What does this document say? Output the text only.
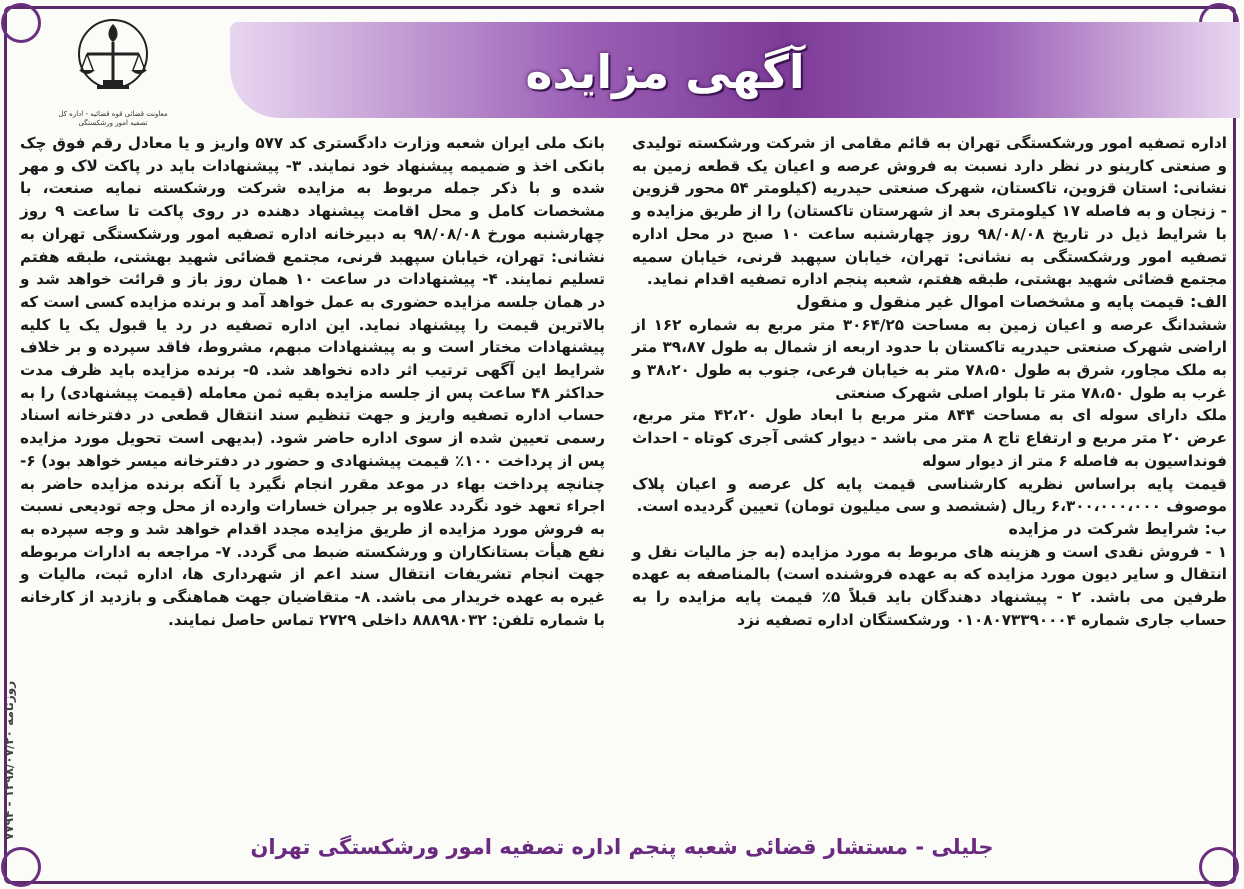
آگهی مزایده
معاونت قضائی قوه قضائیه - اداره کل تصفیه امور ورشکستگی

اداره تصفیه امور ورشکستگی تهران به قائم مقامی از شرکت ورشکسته تولیدی و صنعتی کارینو در نظر دارد نسبت به فروش عرصه و اعیان یک قطعه زمین به نشانی: استان قزوین، تاکستان، شهرک صنعتی حیدریه (کیلومتر ۵۴ محور قزوین - زنجان و به فاصله ۱۷ کیلومتری بعد از شهرستان تاکستان) را از طریق مزایده و با شرایط ذیل در تاریخ ۹۸/۰۸/۰۸ روز چهارشنبه ساعت ۱۰ صبح در محل اداره تصفیه امور ورشکستگی به نشانی: تهران، خیابان سپهبد قرنی، خیابان سمیه مجتمع قضائی شهید بهشتی، طبقه هفتم، شعبه پنجم اداره تصفیه اقدام نماید.

الف: قیمت پایه و مشخصات اموال غیر منقول و منقول

ششدانگ عرصه و اعیان زمین به مساحت ۳۰۶۴/۲۵ متر مربع به شماره ۱۶۲ از اراضی شهرک صنعتی حیدریه تاکستان با حدود اربعه از شمال به طول ۳۹،۸۷ متر به ملک مجاور، شرق به طول ۷۸،۵۰ متر به خیابان فرعی، جنوب به طول ۳۸،۲۰ و غرب به طول ۷۸،۵۰ متر تا بلوار اصلی شهرک صنعتی

ملک دارای سوله ای به مساحت ۸۴۴ متر مربع با ابعاد طول ۴۲،۲۰ متر مربع، عرض ۲۰ متر مربع و ارتفاع تاج ۸ متر می باشد - دیوار کشی آجری کوتاه - احداث فونداسیون به فاصله ۶ متر از دیوار سوله

قیمت پایه براساس نظریه کارشناسی قیمت پایه کل عرصه و اعیان پلاک موصوف ۶،۳۰۰،۰۰۰،۰۰۰ ریال (ششصد و سی میلیون تومان) تعیین گردیده است.

ب: شرایط شرکت در مزایده

۱ - فروش نقدی است و هزینه های مربوط به مورد مزایده (به جز مالیات نقل و انتقال و سایر دیون مورد مزایده که به عهده فروشنده است) بالمناصفه به عهده طرفین می باشد. ۲ - پیشنهاد دهندگان باید قبلاً ۵٪ قیمت پایه مزایده را به حساب جاری شماره ۰۱۰۸۰۷۳۳۹۰۰۰۴ ورشکستگان اداره تصفیه نزد

بانک ملی ایران شعبه وزارت دادگستری کد ۵۷۷ واریز و یا معادل رقم فوق چک بانکی اخذ و ضمیمه پیشنهاد خود نمایند. ۳- پیشنهادات باید در پاکت لاک و مهر شده و با ذکر جمله مربوط به مزایده شرکت ورشکسته نمایه صنعت، با مشخصات کامل و محل اقامت پیشنهاد دهنده در روی پاکت تا ساعت ۹ روز چهارشنبه مورخ ۹۸/۰۸/۰۸ به دبیرخانه اداره تصفیه امور ورشکستگی تهران به نشانی: تهران، خیابان سپهبد قرنی، مجتمع قضائی شهید بهشتی، طبقه هفتم تسلیم نمایند. ۴- پیشنهادات در ساعت ۱۰ همان روز باز و قرائت خواهد شد و در همان جلسه مزایده حضوری به عمل خواهد آمد و برنده مزایده کسی است که بالاترین قیمت را پیشنهاد نماید. این اداره تصفیه در رد یا قبول یک یا کلیه پیشنهادات مختار است و به پیشنهادات مبهم، مشروط، فاقد سپرده و بر خلاف شرایط این آگهی ترتیب اثر داده نخواهد شد. ۵- برنده مزایده باید ظرف مدت حداکثر ۴۸ ساعت پس از جلسه مزایده بقیه ثمن معامله (قیمت پیشنهادی) را به حساب اداره تصفیه واریز و جهت تنظیم سند انتقال قطعی در دفترخانه اسناد رسمی تعیین شده از سوی اداره حاضر شود. (بدیهی است تحویل مورد مزایده پس از پرداخت ۱۰۰٪ قیمت پیشنهادی و حضور در دفترخانه میسر خواهد بود) ۶- چنانچه پرداخت بهاء در موعد مقرر انجام نگیرد یا آنکه برنده مزایده حاضر به اجراء تعهد خود نگردد علاوه بر جبران خسارات وارده از محل وجه تودیعی نسبت به فروش مورد مزایده از طریق مزایده مجدد اقدام خواهد شد و وجه سپرده به نفع هیأت بستانکاران و ورشکسته ضبط می گردد. ۷- مراجعه به ادارات مربوطه جهت انجام تشریفات انتقال سند اعم از شهرداری ها، اداره ثبت، مالیات و غیره به عهده خریدار می باشد. ۸- متقاضیان جهت هماهنگی و بازدید از کارخانه با شماره تلفن: ۸۸۸۹۸۰۳۲ داخلی ۲۷۲۹ تماس حاصل نمایند.

روزنامه ۱۳۹۸/۰۷/۲۰ - ۷۷۹۴
جلیلی - مستشار قضائی شعبه پنجم اداره تصفیه امور ورشکستگی تهران
